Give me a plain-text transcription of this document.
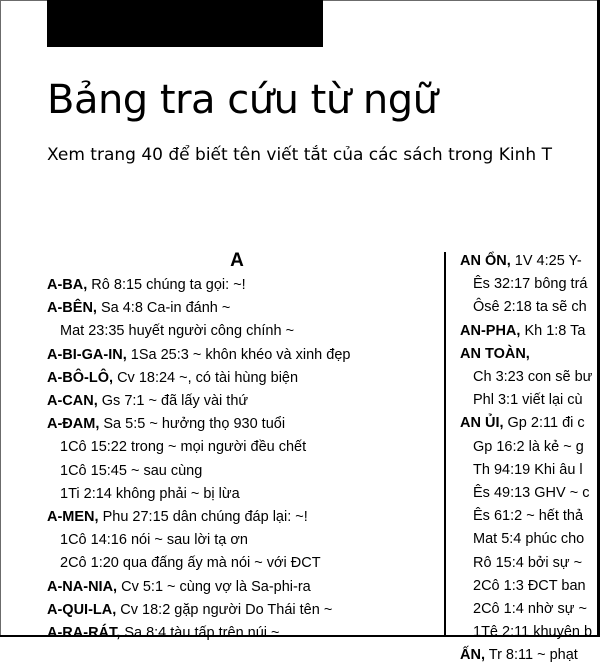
Bảng tra cứu từ ngữ
Xem trang 40 để biết tên viết tắt của các sách trong Kinh T
A
A-BA, Rô 8:15 chúng ta gọi: ~!
A-BÊN, Sa 4:8 Ca-in đánh ~
Mat 23:35 huyết người công chính ~
A-BI-GA-IN, 1Sa 25:3 ~ khôn khéo và xinh đẹp
A-BÔ-LÔ, Cv 18:24 ~, có tài hùng biện
A-CAN, Gs 7:1 ~ đã lấy vài thứ
A-ĐAM, Sa 5:5 ~ hưởng thọ 930 tuổi
1Cô 15:22 trong ~ mọi người đều chết
1Cô 15:45 ~ sau cùng
1Ti 2:14 không phải ~ bị lừa
A-MEN, Phu 27:15 dân chúng đáp lại: ~!
1Cô 14:16 nói ~ sau lời tạ ơn
2Cô 1:20 qua đấng ấy mà nói ~ với ĐCT
A-NA-NIA, Cv 5:1 ~ cùng vợ là Sa-phi-ra
A-QUI-LA, Cv 18:2 gặp người Do Thái tên ~
A-RA-RÁT, Sa 8:4 tàu tấp trên núi ~
AN ỔN, 1V 4:25 Y-
Ês 32:17 bông trá
Ôsê 2:18 ta sẽ ch
AN-PHA, Kh 1:8 Ta
AN TOÀN,
Ch 3:23 con sẽ bư
Phl 3:1 viết lại cù
AN ỦI, Gp 2:11 đi c
Gp 16:2 là kẻ ~ g
Th 94:19 Khi âu l
Ês 49:13 GHV ~ c
Ês 61:2 ~ hết thả
Mat 5:4 phúc cho
Rô 15:4 bởi sự ~
2Cô 1:3 ĐCT ban
2Cô 1:4 nhờ sự ~
1Tê 2:11 khuyên b
ẤN, Tr 8:11 ~ phạt
